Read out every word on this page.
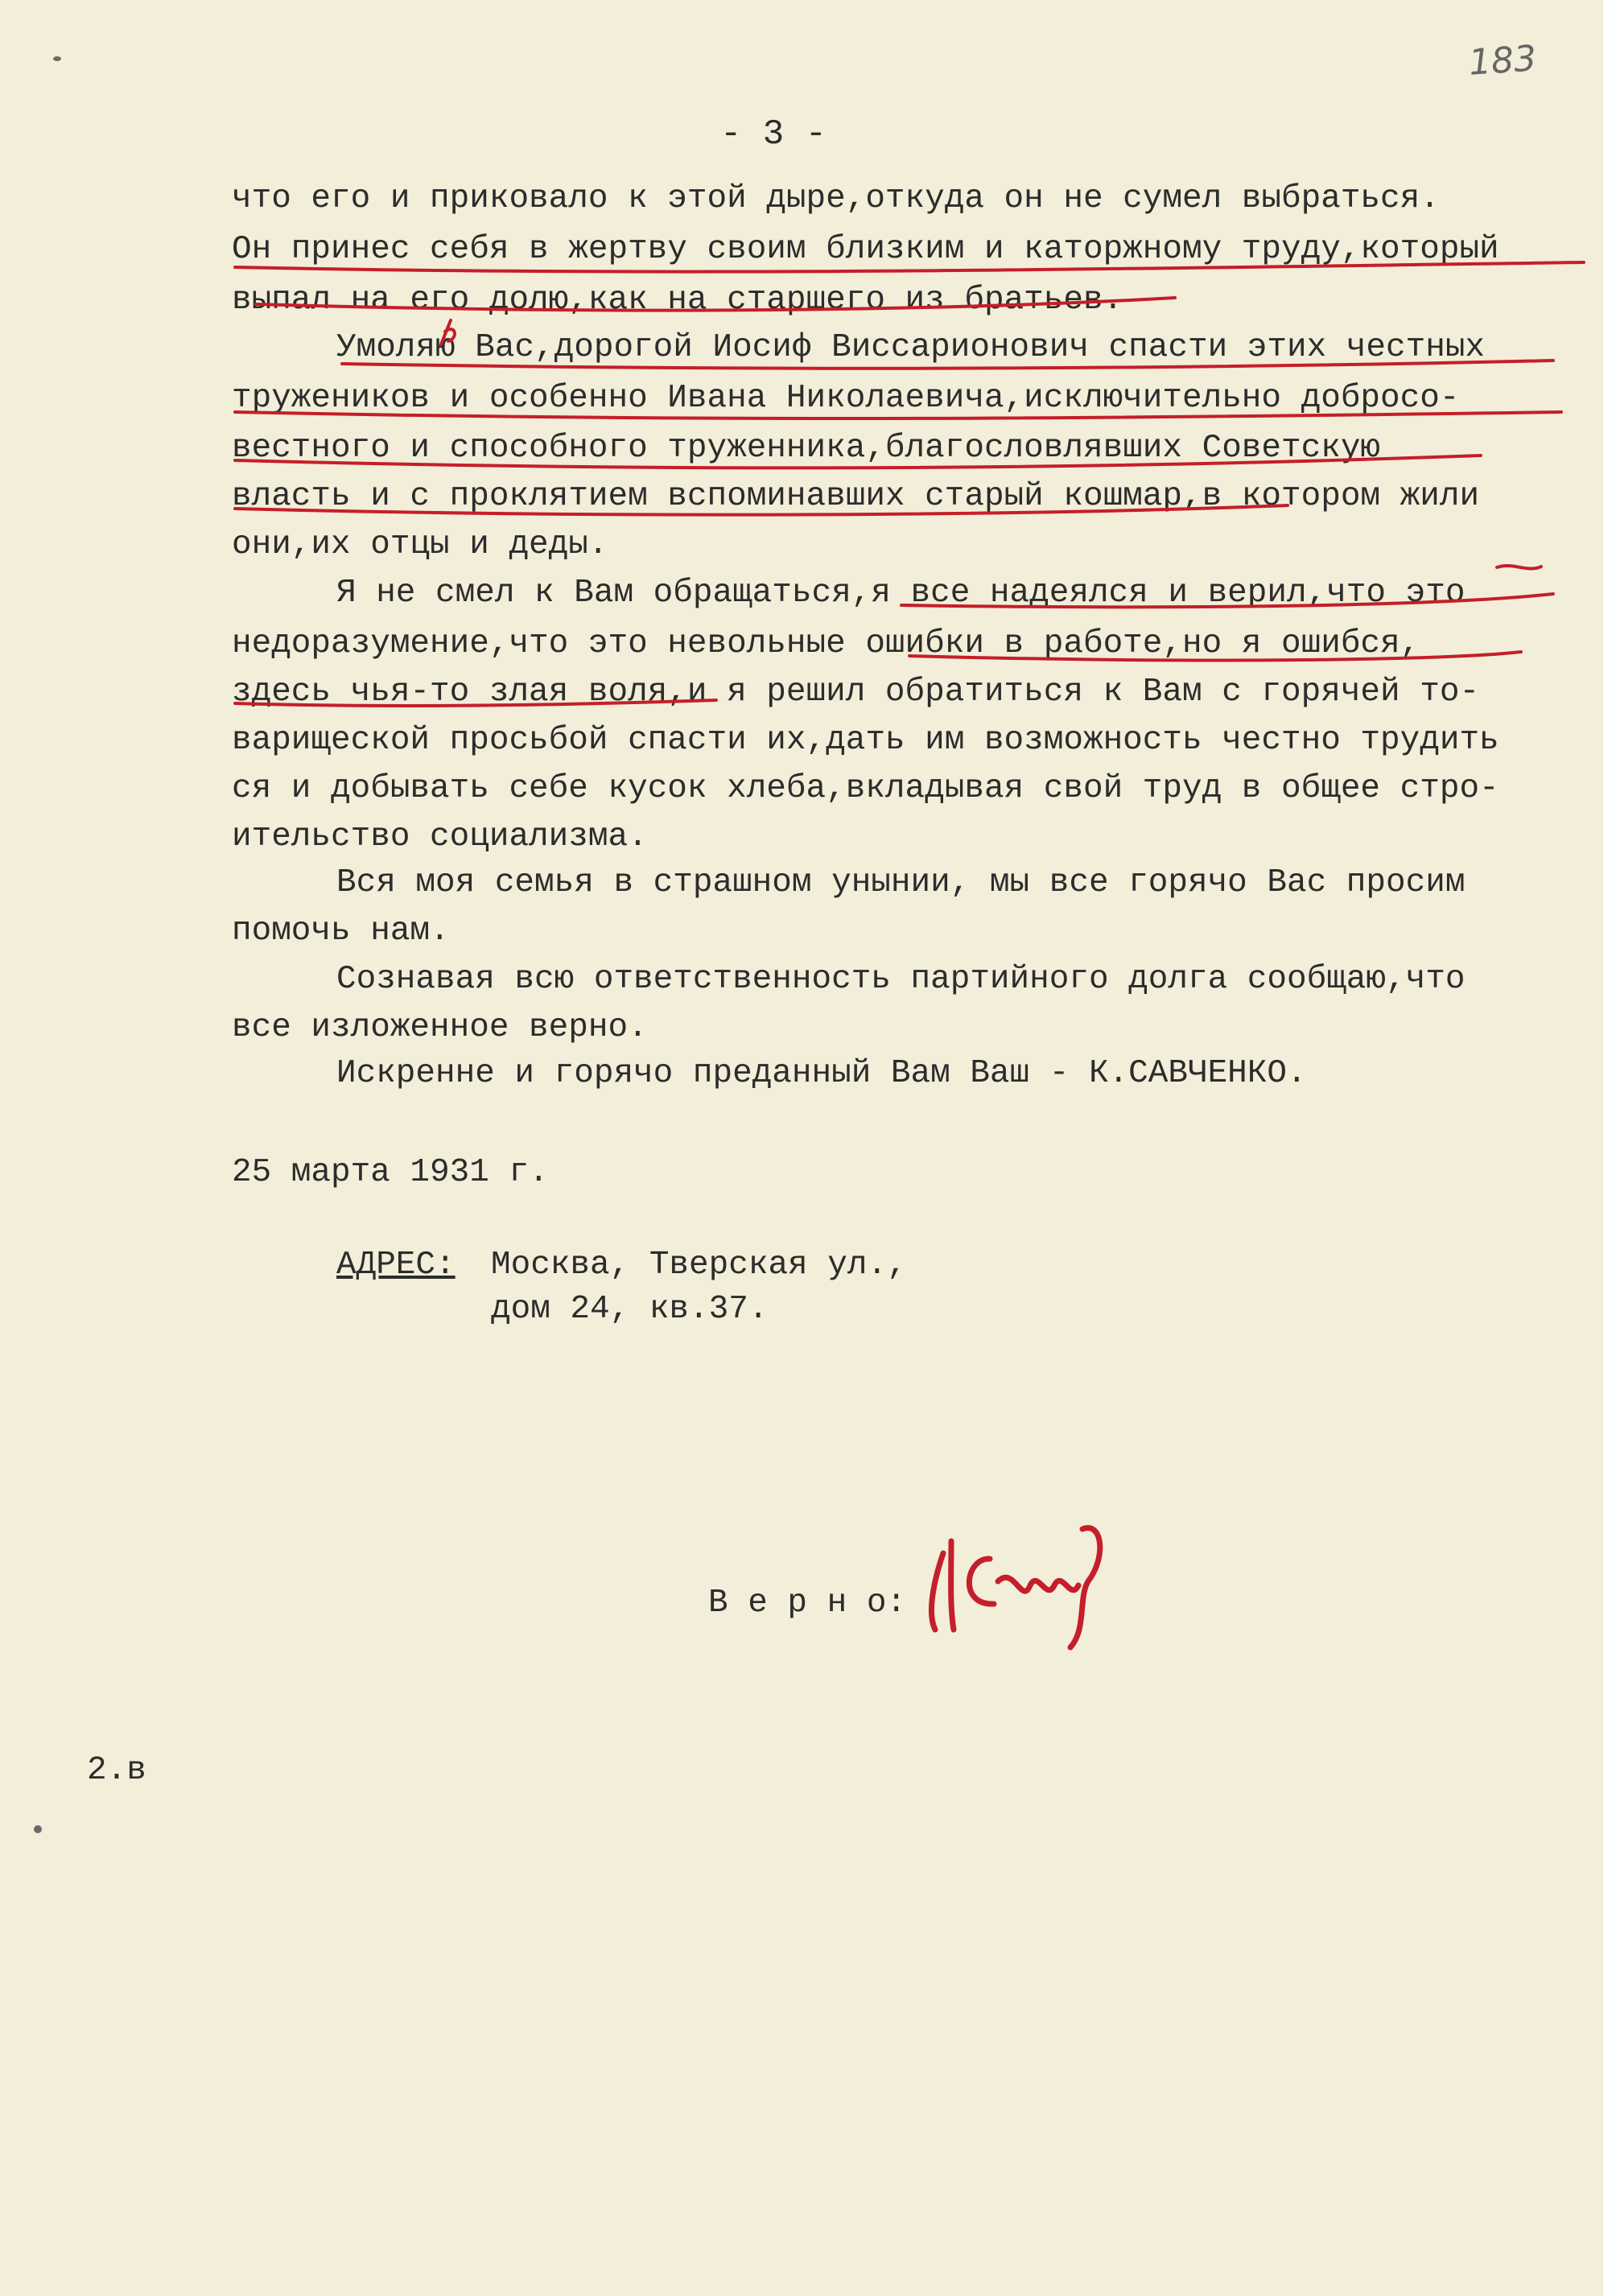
183
- 3 -
что его и приковало к этой дыре,откуда он не сумел выбраться.
Он принес себя в жертву своим близким и каторжному труду,который
выпал на его долю,как на старшего из братьев.
Умоляю Вас,дорогой Иосиф Виссарионович спасти этих честных
тружеников и особенно Ивана Николаевича,исключительно добросо-
вестного и способного труженника,благословлявших Советскую
власть и с проклятием вспоминавших старый кошмар,в котором жили
они,их отцы и деды.
Я не смел к Вам обращаться,я все надеялся и верил,что это
недоразумение,что это невольные ошибки в работе,но я ошибся,
здесь чья-то злая воля,и я решил обратиться к Вам с горячей то-
варищеской просьбой спасти их,дать им возможность честно трудить
ся и добывать себе кусок хлеба,вкладывая свой труд в общее стро-
ительство социализма.
Вся моя семья в страшном унынии, мы все горячо Вас просим
помочь нам.
Сознавая всю ответственность партийного долга сообщаю,что
все изложенное верно.
Искренне и горячо преданный Вам Ваш - К.САВЧЕНКО.
25 марта 1931 г.
АДРЕС: Москва, Тверская ул.,
дом 24, кв.37.
В е р н о:
2.в
